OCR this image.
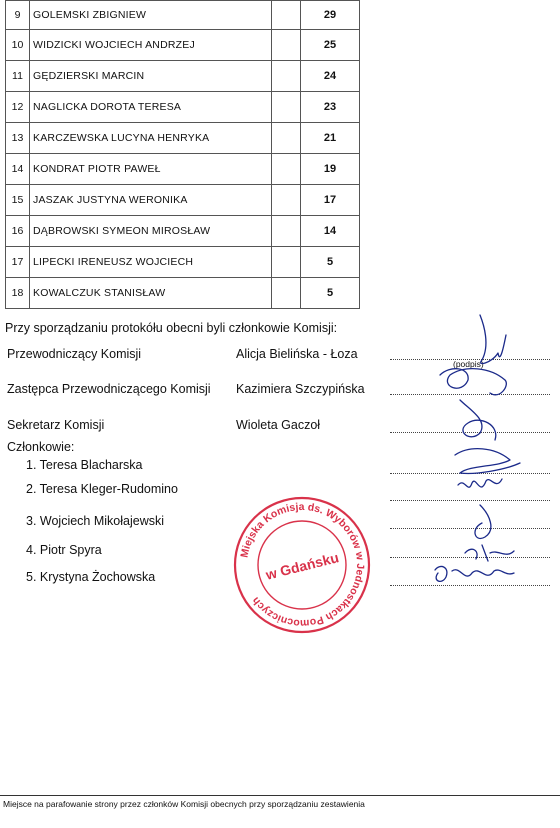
9	GOLEMSKI ZBIGNIEW		29
10	WIDZICKI WOJCIECH ANDRZEJ		25
11	GĘDZIERSKI MARCIN		24
12	NAGLICKA DOROTA TERESA		23
13	KARCZEWSKA LUCYNA HENRYKA		21
14	KONDRAT PIOTR PAWEŁ		19
15	JASZAK JUSTYNA WERONIKA		17
16	DĄBROWSKI SYMEON MIROSŁAW		14
17	LIPECKI IRENEUSZ WOJCIECH		5
18	KOWALCZUK STANISŁAW		5
Przy sporządzaniu protokółu obecni byli członkowie Komisji:
Przewodniczący Komisji	Alicja Bielińska - Łoza
(podpis)
Zastępca Przewodniczącego Komisji Kazimiera Szczypińska
Sekretarz Komisji	Wioleta Gaczoł
Członkowie:
1. Teresa Blacharska
2. Teresa Kleger-Rudomino
3. Wojciech Mikołajewski
4. Piotr Spyra
5. Krystyna Żochowska
Miejska Komisja ds. Wyborów w Jednostkach Pomocniczych
w Gdańsku
Miejsce na parafowanie strony przez członków Komisji obecnych przy sporządzaniu zestawienia
